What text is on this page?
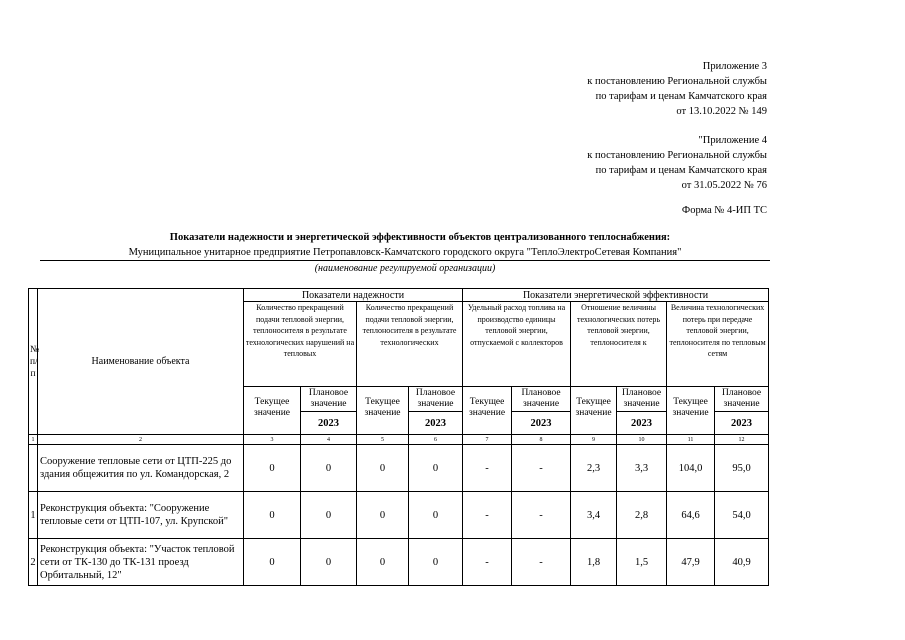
Приложение 3
к постановлению Региональной службы
по тарифам и ценам Камчатского края
от 13.10.2022 № 149
"Приложение 4
к постановлению Региональной службы
по тарифам и ценам Камчатского края
от 31.05.2022 № 76
Форма № 4-ИП ТС
Показатели надежности и энергетической эффективности объектов централизованного теплоснабжения:
Муниципальное унитарное предприятие Петропавловск-Камчатского городского округа "ТеплоЭлектроСетевая Компания"
(наименование регулируемой организации)
№ п/ п	Наименование объекта	Показатели надежности				Показатели энергетической эффективности					

		Количество прекращений подачи тепловой энергии, теплоносителя в результате технологических нарушений на тепловых		Количество прекращений подачи тепловой энергии, теплоносителя в результате технологических		Удельный расход топлива на производство единицы тепловой энергии, отпускаемой с коллекторов		Отношение величины технологических потерь тепловой энергии, теплоносителя к		Величина технологических потерь при передаче тепловой энергии, теплоносителя по тепловым сетям	

		Текущее значение	Плановое значение	Текущее значение	Плановое значение	Текущее значение	Плановое значение	Текущее значение	Плановое значение	Текущее значение	Плановое значение
			2023		2023		2023		2023		2023
1	2	3	4	5	6	7	8	9	10	11	12
	Сооружение тепловые сети от ЦТП-225 до здания общежития по ул. Командорская, 2	0	0	0	0	-	-	2,3	3,3	104,0	95,0
1	Реконструкция объекта: "Сооружение тепловые сети от ЦТП-107, ул. Крупской"	0	0	0	0	-	-	3,4	2,8	64,6	54,0
2	Реконструкция объекта: "Участок тепловой сети от ТК-130 до ТК-131 проезд Орбитальный, 12"	0	0	0	0	-	-	1,8	1,5	47,9	40,9
